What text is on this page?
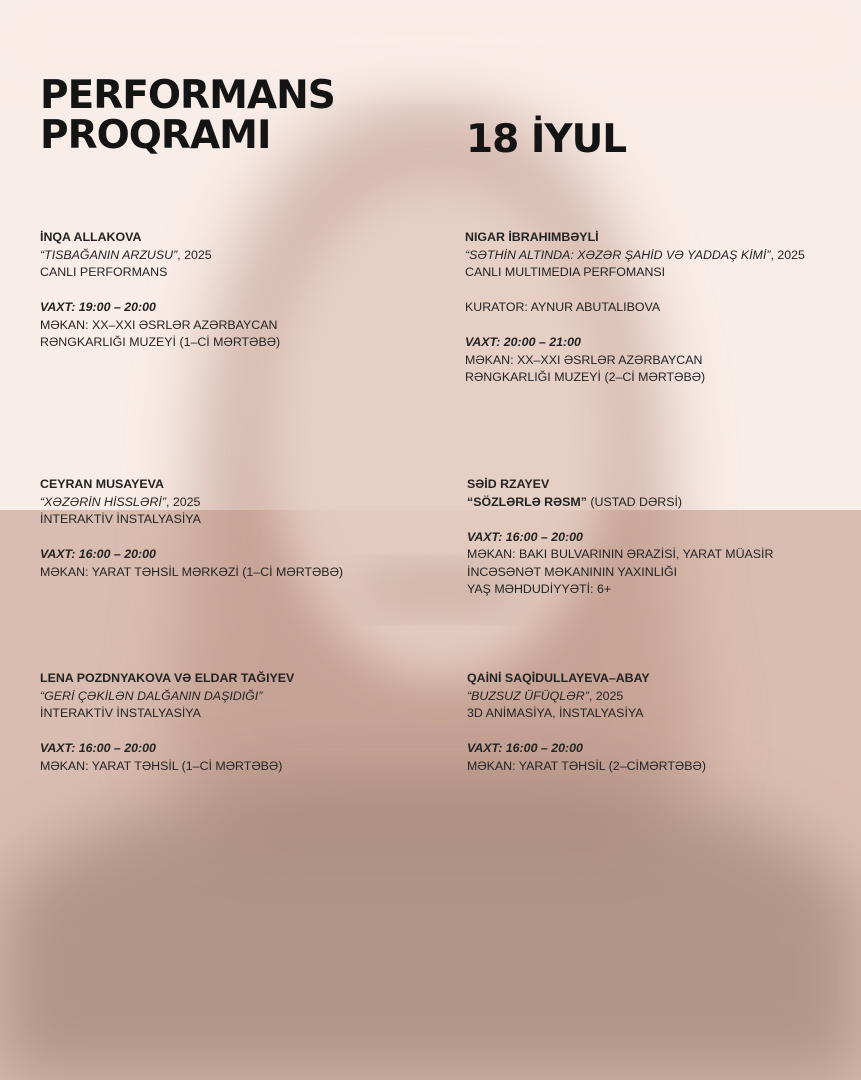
PERFORMANS
PROQRAMI	18 İYUL
İNQA ALLAKOVA
“TISBAĞANIN ARZUSU”, 2025
CANLI PERFORMANS
VAXT: 19:00 – 20:00
MƏKAN: XX–XXI ƏSRLƏR AZƏRBAYCAN
RƏNGKARLIĞI MUZEYİ (1–Cİ MƏRTƏBƏ)
NIGAR İBRAHIMBƏYLİ
“SƏTHİN ALTINDA: XƏZƏR ŞAHİD VƏ YADDAŞ KİMİ”, 2025
CANLI MULTIMEDIA PERFOMANSI
KURATOR: AYNUR ABUTALIBOVA
VAXT: 20:00 – 21:00
MƏKAN: XX–XXI ƏSRLƏR AZƏRBAYCAN
RƏNGKARLIĞI MUZEYİ (2–Cİ MƏRTƏBƏ)
CEYRAN MUSAYEVA
“XƏZƏRİN HİSSLƏRİ”, 2025
İNTERAKTİV İNSTALYASİYA
VAXT: 16:00 – 20:00
MƏKAN: YARAT TƏHSİL MƏRKƏZİ (1–Cİ MƏRTƏBƏ)
SƏİD RZAYEV
“SÖZLƏRLƏ RƏSM” (USTAD DƏRSİ)
VAXT: 16:00 – 20:00
MƏKAN: BAKI BULVARININ ƏRAZİSİ, YARAT MÜASİR
İNCƏSƏNƏT MƏKANININ YAXINLIĞI
YAŞ MƏHDUDİYYƏTİ: 6+
LENA POZDNYAKOVA VƏ ELDAR TAĞIYEV
“GERİ ÇƏKİLƏN DALĞANIN DAŞIDIĞI”
İNTERAKTİV İNSTALYASİYA
VAXT: 16:00 – 20:00
MƏKAN: YARAT TƏHSİL (1–Cİ MƏRTƏBƏ)
QAİNİ SAQİDULLAYEVA–ABAY
“BUZSUZ ÜFÜQLƏR”, 2025
3D ANİMASİYA, İNSTALYASİYA
VAXT: 16:00 – 20:00
MƏKAN: YARAT TƏHSİL (2–CİMƏRTƏBƏ)
